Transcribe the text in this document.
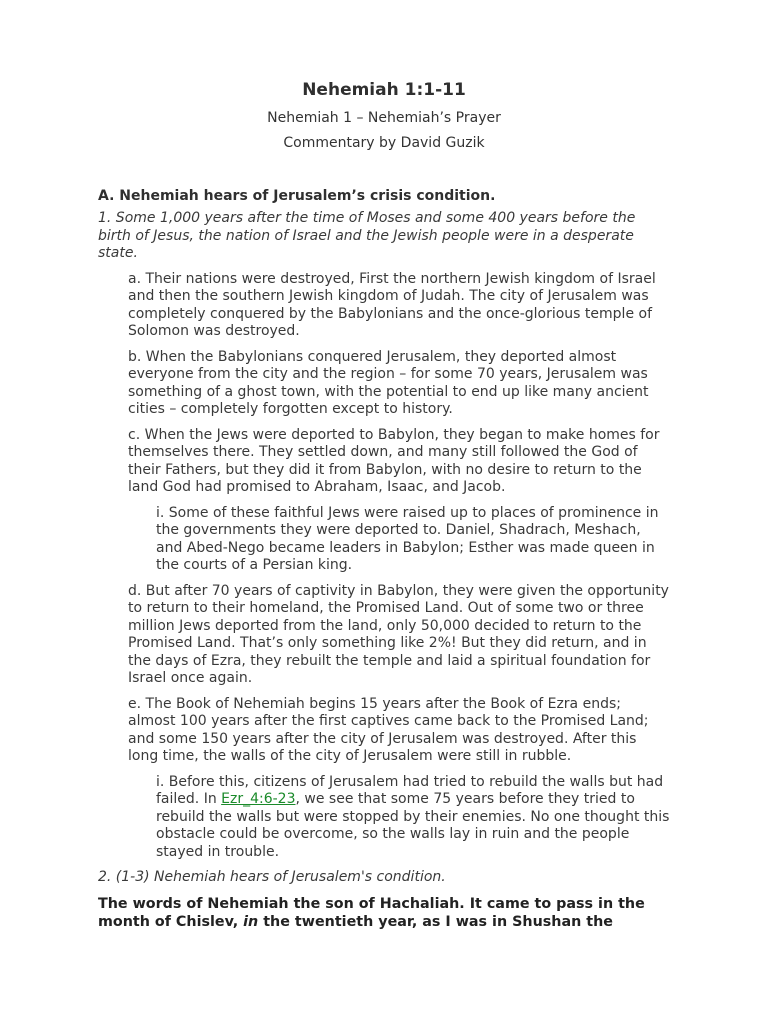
Nehemiah 1:1-11
Nehemiah 1 – Nehemiah’s Prayer
Commentary by David Guzik
A. Nehemiah hears of Jerusalem’s crisis condition.

1. Some 1,000 years after the time of Moses and some 400 years before the birth of Jesus, the nation of Israel and the Jewish people were in a desperate state.

a. Their nations were destroyed, First the northern Jewish kingdom of Israel and then the southern Jewish kingdom of Judah. The city of Jerusalem was completely conquered by the Babylonians and the once-glorious temple of Solomon was destroyed.

b. When the Babylonians conquered Jerusalem, they deported almost everyone from the city and the region – for some 70 years, Jerusalem was something of a ghost town, with the potential to end up like many ancient cities – completely forgotten except to history.

c. When the Jews were deported to Babylon, they began to make homes for themselves there. They settled down, and many still followed the God of their Fathers, but they did it from Babylon, with no desire to return to the land God had promised to Abraham, Isaac, and Jacob.

i. Some of these faithful Jews were raised up to places of prominence in the governments they were deported to. Daniel, Shadrach, Meshach, and Abed-Nego became leaders in Babylon; Esther was made queen in the courts of a Persian king.

d. But after 70 years of captivity in Babylon, they were given the opportunity to return to their homeland, the Promised Land. Out of some two or three million Jews deported from the land, only 50,000 decided to return to the Promised Land. That’s only something like 2%! But they did return, and in the days of Ezra, they rebuilt the temple and laid a spiritual foundation for Israel once again.

e. The Book of Nehemiah begins 15 years after the Book of Ezra ends; almost 100 years after the first captives came back to the Promised Land; and some 150 years after the city of Jerusalem was destroyed. After this long time, the walls of the city of Jerusalem were still in rubble.

i. Before this, citizens of Jerusalem had tried to rebuild the walls but had failed. In Ezr_4:6-23, we see that some 75 years before they tried to rebuild the walls but were stopped by their enemies. No one thought this obstacle could be overcome, so the walls lay in ruin and the people stayed in trouble.

2. (1-3) Nehemiah hears of Jerusalem's condition.

The words of Nehemiah the son of Hachaliah. It came to pass in the month of Chislev, in the twentieth year, as I was in Shushan the
